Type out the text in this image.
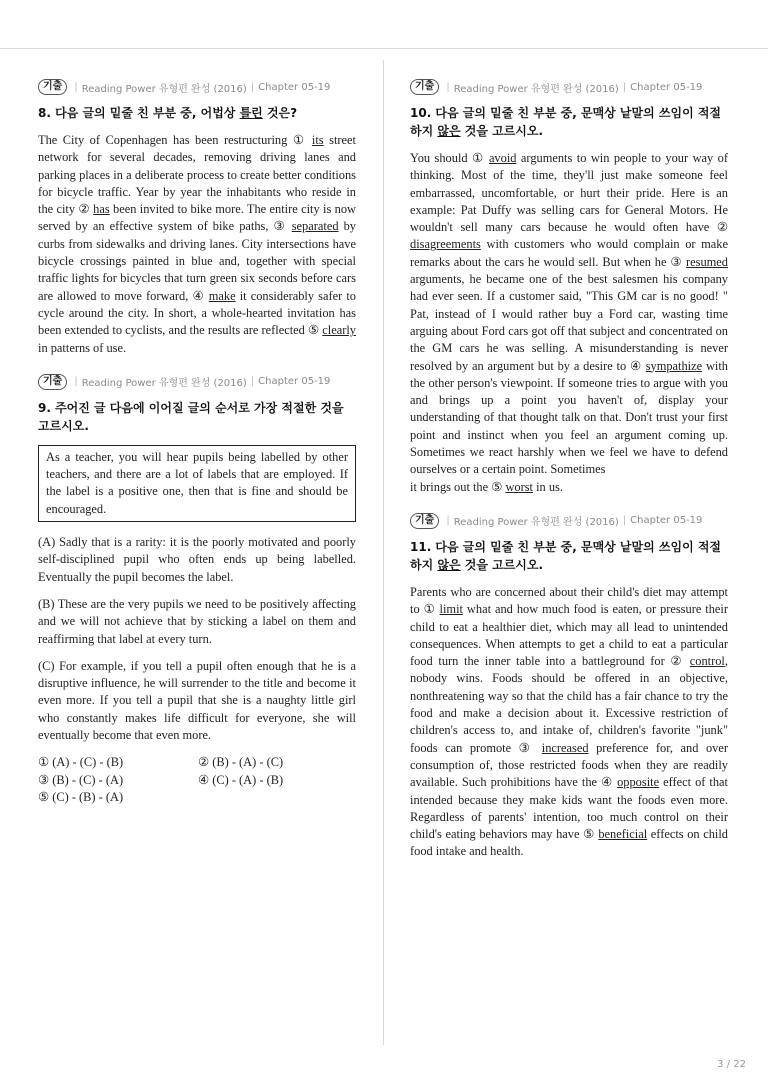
기출	| Reading Power 유형편 완성 (2016) | Chapter 05-19
8. 다음 글의 밑줄 친 부분 중, 어법상 틀린 것은?

The City of Copenhagen has been restructuring ① its street network for several decades, removing driving lanes and parking places in a deliberate process to create better conditions for bicycle traffic. Year by year the inhabitants who reside in the city ② has been invited to bike more. The entire city is now served by an effective system of bike paths, ③ separated by curbs from sidewalks and driving lanes. City intersections have bicycle crossings painted in blue and, together with special traffic lights for bicycles that turn green six seconds before cars are allowed to move forward, ④ make it considerably safer to cycle around the city. In short, a whole-hearted invitation has been extended to cyclists, and the results are reflected ⑤ clearly in patterns of use.

기출	| Reading Power 유형편 완성 (2016) | Chapter 05-19
9. 주어진 글 다음에 이어질 글의 순서로 가장 적절한 것을 고르시오.
As a teacher, you will hear pupils being labelled by other teachers, and there are a lot of labels that are employed. If the label is a positive one, then that is fine and should be encouraged.

(A) Sadly that is a rarity: it is the poorly motivated and poorly self-disciplined pupil who often ends up being labelled. Eventually the pupil becomes the label.

(B) These are the very pupils we need to be positively affecting and we will not achieve that by sticking a label on them and reaffirming that label at every turn.

(C) For example, if you tell a pupil often enough that he is a disruptive influence, he will surrender to the title and become it even more. If you tell a pupil that she is a naughty little girl who constantly makes life difficult for everyone, she will eventually become that even more.

① (A) - (C) - (B)	② (B) - (A) - (C)
③ (B) - (C) - (A)	④ (C) - (A) - (B)
⑤ (C) - (B) - (A)
기출	| Reading Power 유형편 완성 (2016) | Chapter 05-19
10. 다음 글의 밑줄 친 부분 중, 문맥상 낱말의 쓰임이 적절하지 않은 것을 고르시오.

You should ① avoid arguments to win people to your way of thinking. Most of the time, they'll just make someone feel embarrassed, uncomfortable, or hurt their pride. Here is an example: Pat Duffy was selling cars for General Motors. He wouldn't sell many cars because he would often have ② disagreements with customers who would complain or make remarks about the cars he would sell. But when he ③ resumed arguments, he became one of the best salesmen his company had ever seen. If a customer said, "This GM car is no good! " Pat, instead of I would rather buy a Ford car, wasting time arguing about Ford cars got off that subject and concentrated on the GM cars he was selling. A misunderstanding is never resolved by an argument but by a desire to ④ sympathize with the other person's viewpoint. If someone tries to argue with you and brings up a point you haven't of, display your understanding of that thought talk on that. Don't trust your first point and instinct when you feel an argument coming up. Sometimes we react harshly when we feel we have to defend ourselves or a certain point. Sometimes
it brings out the ⑤ worst in us.

기출	| Reading Power 유형편 완성 (2016) | Chapter 05-19
11. 다음 글의 밑줄 친 부분 중, 문맥상 낱말의 쓰임이 적절하지 않은 것을 고르시오.

Parents who are concerned about their child's diet may attempt to ① limit what and how much food is eaten, or pressure their child to eat a healthier diet, which may all lead to unintended consequences. When attempts to get a child to eat a particular food turn the inner table into a battleground for ② control, nobody wins. Foods should be offered in an objective, nonthreatening way so that the child has a fair chance to try the food and make a decision about it. Excessive restriction of children's access to, and intake of, children's favorite "junk" foods can promote ③ increased preference for, and over consumption of, those restricted foods when they are readily available. Such prohibitions have the ④ opposite effect of that intended because they make kids want the foods even more. Regardless of parents' intention, too much control on their child's eating behaviors may have ⑤ beneficial effects on child food intake and health.

3 / 22
